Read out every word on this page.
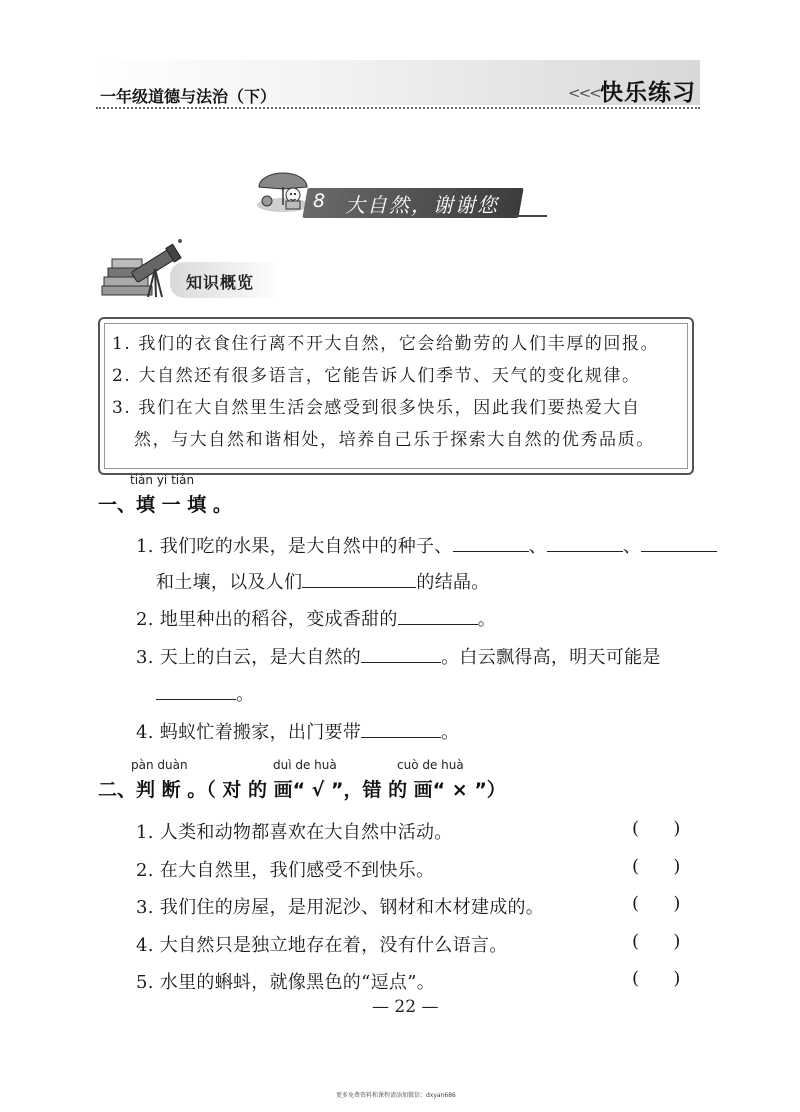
一年级道德与法治（下）	<<< 快乐练习
8 大自然，谢谢您
知识概览
1. 我们的衣食住行离不开大自然，它会给勤劳的人们丰厚的回报。
2. 大自然还有很多语言，它能告诉人们季节、天气的变化规律。
3. 我们在大自然里生活会感受到很多快乐，因此我们要热爱大自
然，与大自然和谐相处，培养自己乐于探索大自然的优秀品质。
tián yi tián
一、填 一 填 。
1. 我们吃的水果，是大自然中的种子、	、	、
和土壤，以及人们	的结晶。
2. 地里种出的稻谷，变成香甜的	。
3. 天上的白云，是大自然的	。白云飘得高，明天可能是
。
4. 蚂蚁忙着搬家，出门要带	。
pàn duàn	duì de huà	cuò de huà
二、判 断 。（ 对 的 画“ √ ”，错 的 画“ × ”）
1. 人类和动物都喜欢在大自然中活动。	(      )
2. 在大自然里，我们感受不到快乐。	(      )
3. 我们住的房屋，是用泥沙、钢材和木材建成的。	(      )
4. 大自然只是独立地存在着，没有什么语言。	(      )
5. 水里的蝌蚪，就像黑色的“逗点”。	(      )
— 22 —
更多免费资料和课程请添加微信：dxyan686
